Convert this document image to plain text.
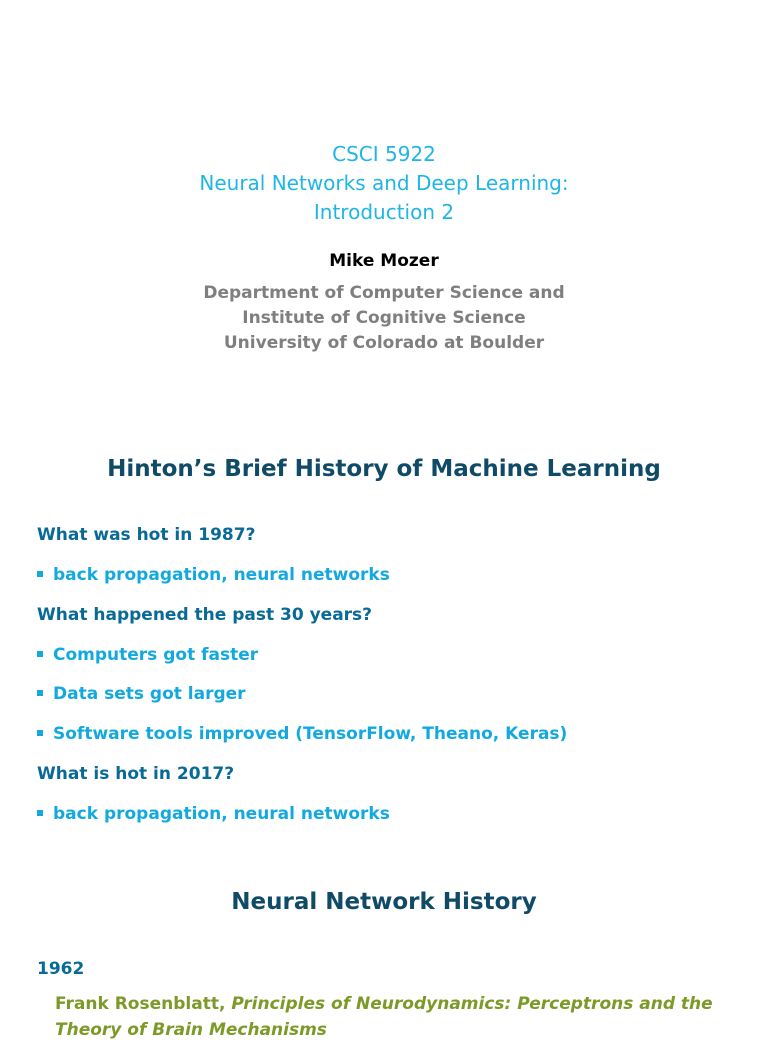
CSCI 5922
Neural Networks and Deep Learning:
Introduction 2
Mike Mozer
Department of Computer Science and
Institute of Cognitive Science
University of Colorado at Boulder
Hinton’s Brief History of Machine Learning
What was hot in 1987?
back propagation, neural networks
What happened the past 30 years?
Computers got faster
Data sets got larger
Software tools improved (TensorFlow, Theano, Keras)
What is hot in 2017?
back propagation, neural networks
Neural Network History
1962
Frank Rosenblatt, Principles of Neurodynamics: Perceptrons and the Theory of Brain Mechanisms
